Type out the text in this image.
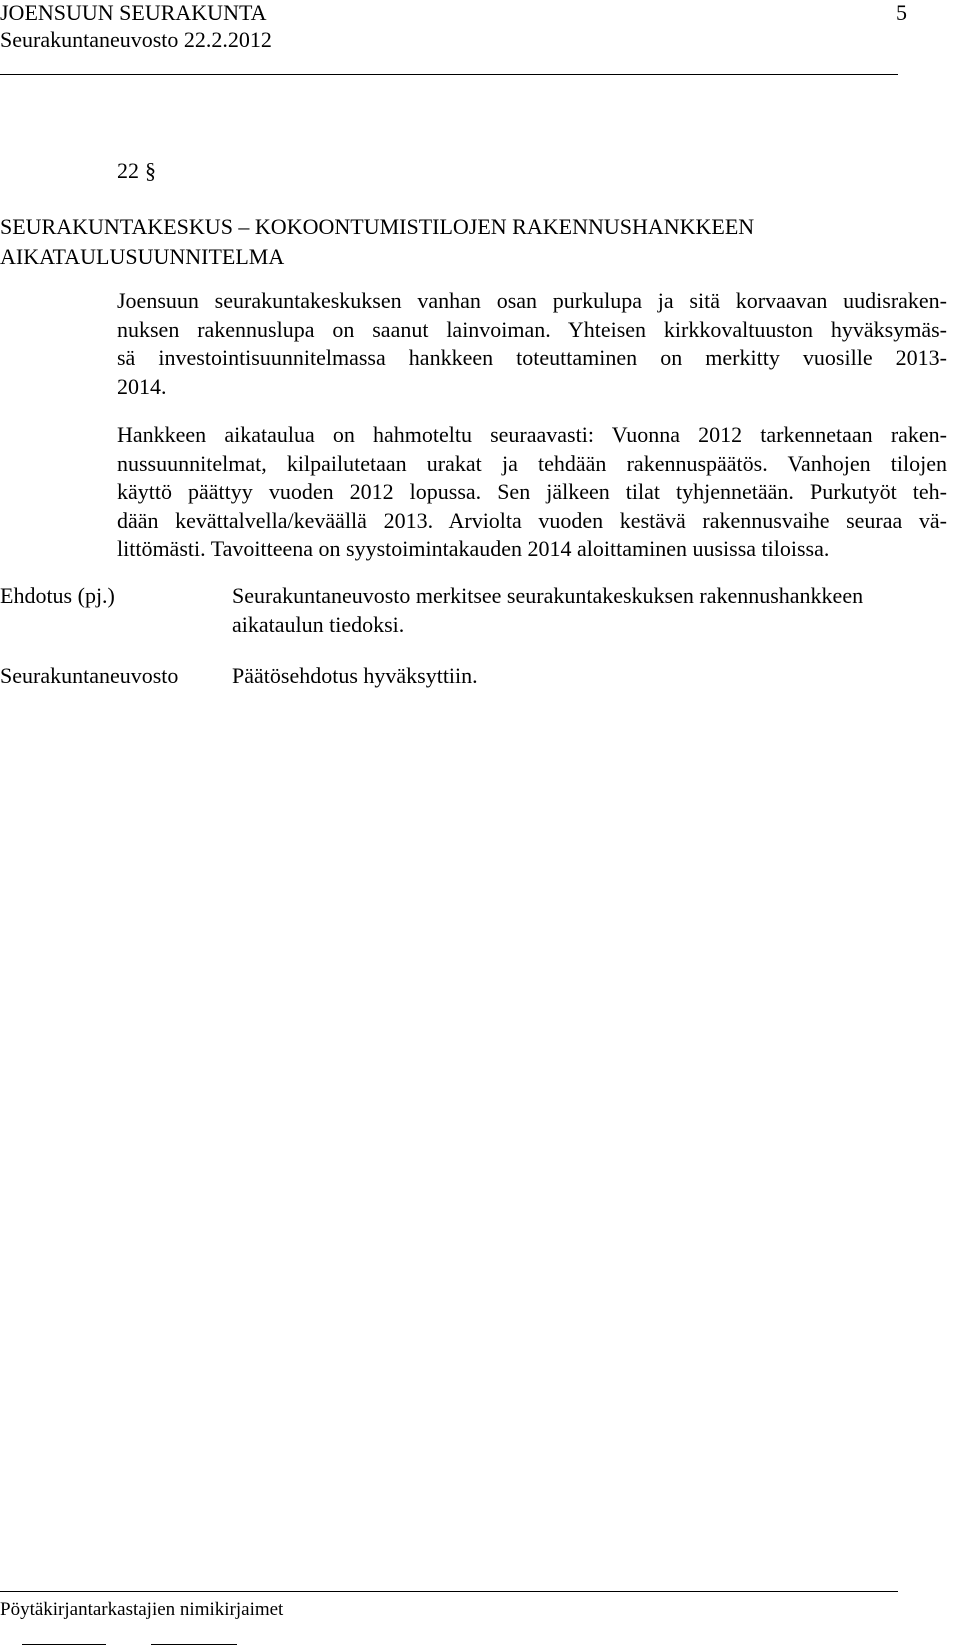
JOENSUUN SEURAKUNTA	5
Seurakuntaneuvosto 22.2.2012
22 §
SEURAKUNTAKESKUS – KOKOONTUMISTILOJEN RAKENNUSHANKKEEN
AIKATAULUSUUNNITELMA
Joensuun seurakuntakeskuksen vanhan osan purkulupa ja sitä korvaavan uudisraken-
nuksen rakennuslupa on saanut lainvoiman. Yhteisen kirkkovaltuuston hyväksymäs-
sä investointisuunnitelmassa hankkeen toteuttaminen on merkitty vuosille 2013-
2014.
Hankkeen aikataulua on hahmoteltu seuraavasti: Vuonna 2012 tarkennetaan raken-
nussuunnitelmat, kilpailutetaan urakat ja tehdään rakennuspäätös. Vanhojen tilojen
käyttö päättyy vuoden 2012 lopussa. Sen jälkeen tilat tyhjennetään. Purkutyöt teh-
dään kevättalvella/keväällä 2013. Arviolta vuoden kestävä rakennusvaihe seuraa vä-
littömästi. Tavoitteena on syystoimintakauden 2014 aloittaminen uusissa tiloissa.
Ehdotus (pj.)	Seurakuntaneuvosto merkitsee seurakuntakeskuksen rakennushankkeen
aikataulun tiedoksi.
Seurakuntaneuvosto Päätösehdotus hyväksyttiin.
Pöytäkirjantarkastajien nimikirjaimet
